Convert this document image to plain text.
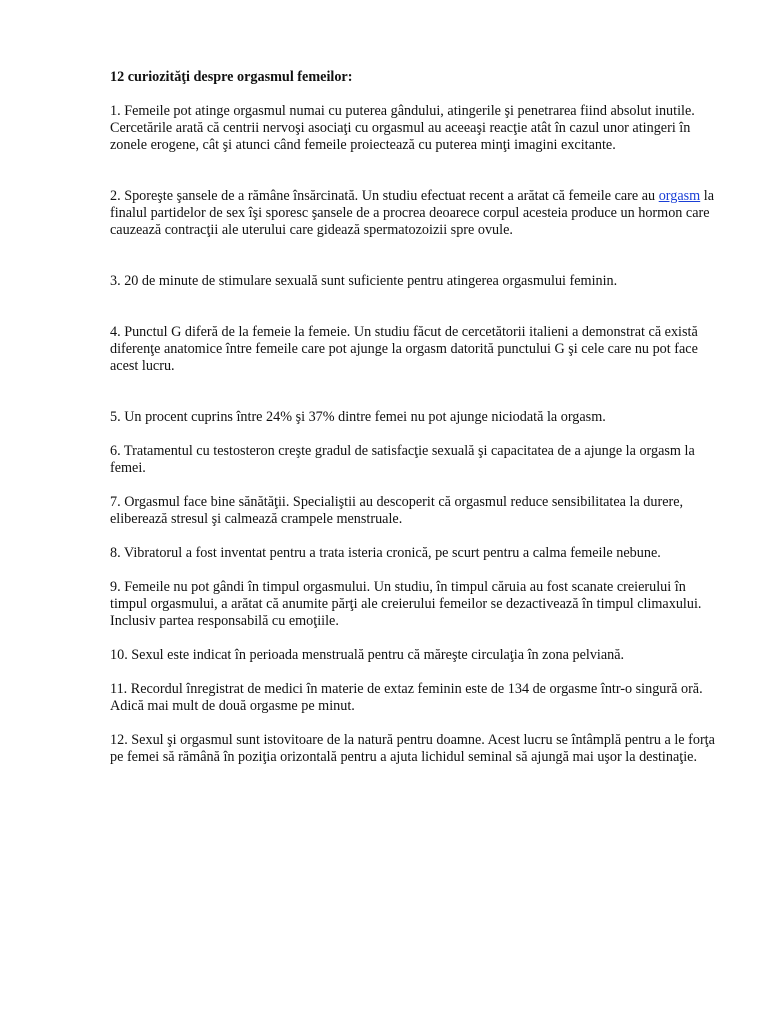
12 curiozităţi despre orgasmul femeilor:

1. Femeile pot atinge orgasmul numai cu puterea gândului, atingerile şi penetrarea fiind absolut inutile. Cercetările arată că centrii nervoşi asociaţi cu orgasmul au aceeaşi reacţie atât în cazul unor atingeri în zonele erogene, cât şi atunci când femeile proiectează cu puterea minţi imagini excitante.

2. Sporeşte şansele de a rămâne însărcinată. Un studiu efectuat recent a arătat că femeile care au orgasm la finalul partidelor de sex îşi sporesc şansele de a procrea deoarece corpul acesteia produce un hormon care cauzează contracţii ale uterului care gidează spermatozoizii spre ovule.

3. 20 de minute de stimulare sexuală sunt suficiente pentru atingerea orgasmului feminin.

4. Punctul G diferă de la femeie la femeie. Un studiu făcut de cercetătorii italieni a demonstrat că există diferenţe anatomice între femeile care pot ajunge la orgasm datorită punctului G şi cele care nu pot face acest lucru.

5. Un procent cuprins între 24% şi 37% dintre femei nu pot ajunge niciodată la orgasm.

6. Tratamentul cu testosteron creşte gradul de satisfacţie sexuală şi capacitatea de a ajunge la orgasm la femei.

7. Orgasmul face bine sănătăţii. Specialiştii au descoperit că orgasmul reduce sensibilitatea la durere, eliberează stresul şi calmează crampele menstruale.

8. Vibratorul a fost inventat pentru a trata isteria cronică, pe scurt pentru a calma femeile nebune.

9. Femeile nu pot gândi în timpul orgasmului. Un studiu, în timpul căruia au fost scanate creierului în timpul orgasmului, a arătat că anumite părţi ale creierului femeilor se dezactivează în timpul climaxului. Inclusiv partea responsabilă cu emoţiile.

10. Sexul este indicat în perioada menstruală pentru că măreşte circulaţia în zona pelviană.

11. Recordul înregistrat de medici în materie de extaz feminin este de 134 de orgasme într-o singură oră. Adică mai mult de două orgasme pe minut.

12. Sexul şi orgasmul sunt istovitoare de la natură pentru doamne. Acest lucru se întâmplă pentru a le forţa pe femei să rămână în poziţia orizontală pentru a ajuta lichidul seminal să ajungă mai uşor la destinaţie.
